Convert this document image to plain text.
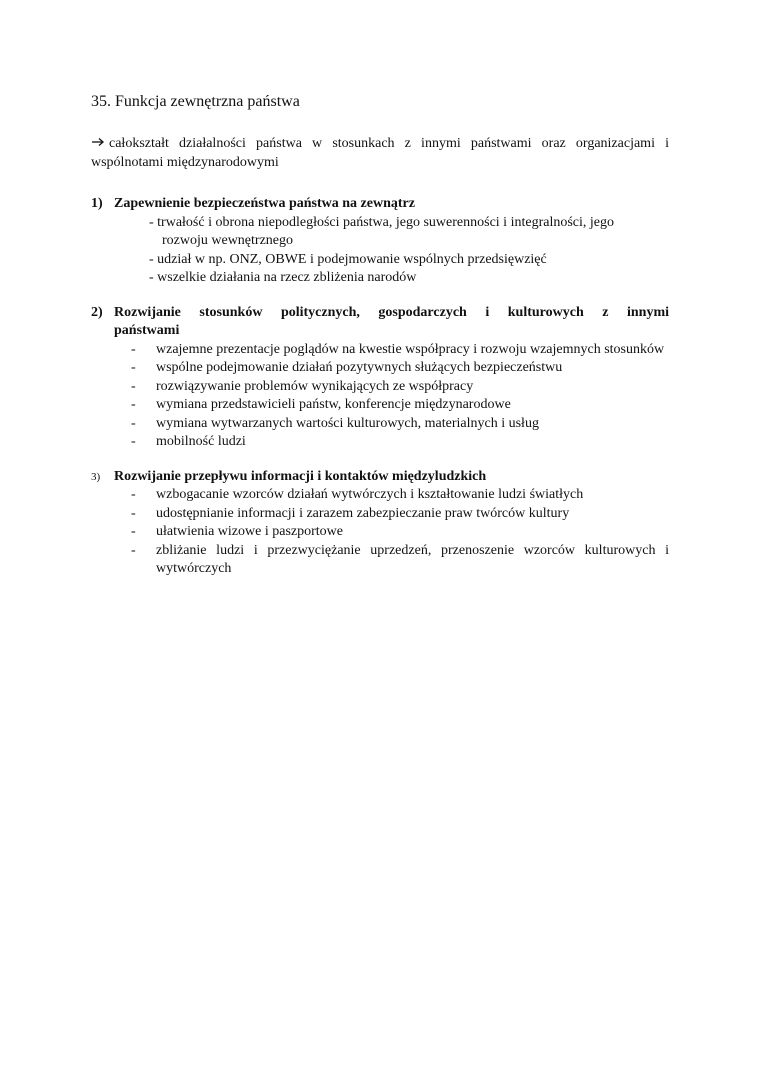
35. Funkcja zewnętrzna państwa
całokształt działalności państwa w stosunkach z innymi państwami oraz organizacjami i wspólnotami międzynarodowymi
1) Zapewnienie bezpieczeństwa państwa na zewnątrz
- trwałość i obrona niepodległości państwa, jego suwerenności i integralności, jego
rozwoju wewnętrznego
- udział w np. ONZ, OBWE i podejmowanie wspólnych przedsięwzięć
- wszelkie działania na rzecz zbliżenia narodów
2) Rozwijanie stosunków politycznych, gospodarczych i kulturowych z innymi
państwami
-	wzajemne prezentacje poglądów na kwestie współpracy i rozwoju wzajemnych stosunków
-	wspólne podejmowanie działań pozytywnych służących bezpieczeństwu
-	rozwiązywanie problemów wynikających ze współpracy
-	wymiana przedstawicieli państw, konferencje międzynarodowe
-	wymiana wytwarzanych wartości kulturowych, materialnych i usług
-	mobilność ludzi
3) Rozwijanie przepływu informacji i kontaktów międzyludzkich
-	wzbogacanie wzorców działań wytwórczych i kształtowanie ludzi światłych
-	udostępnianie informacji i zarazem zabezpieczanie praw twórców kultury
-	ułatwienia wizowe i paszportowe
-	zbliżanie ludzi i przezwyciężanie uprzedzeń, przenoszenie wzorców kulturowych i wytwórczych
